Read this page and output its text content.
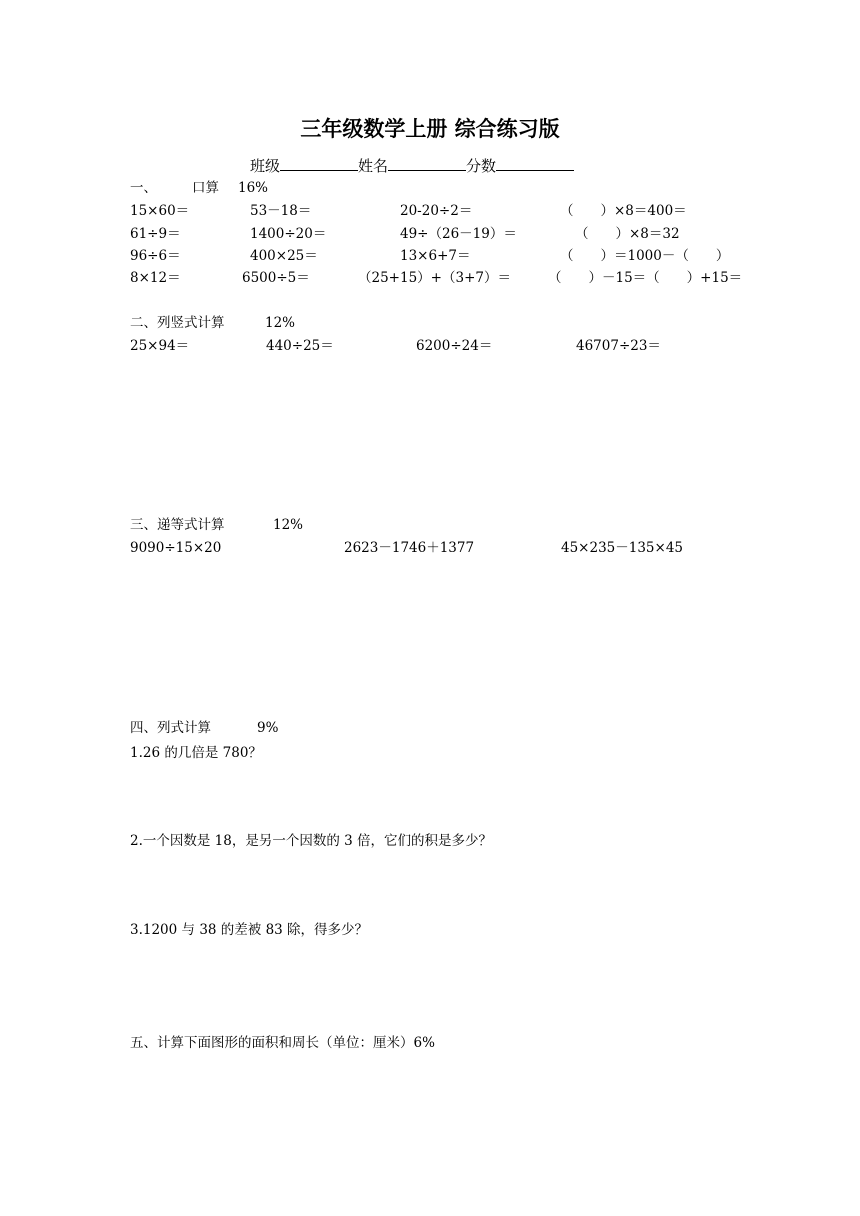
三年级数学上册 综合练习版
班级	姓名	分数
一、	口算 16%
15×60＝	53－18＝	20-20÷2＝	（　　）×8＝400＝
61÷9＝	1400÷20＝	49÷（26－19）＝	（　　）×8＝32
96÷6＝	400×25＝	13×6+7＝	（　　）＝1000－（　　）
8×12＝	6500÷5＝	（25+15）+（3+7）＝	（　　）－15＝（　　）+15＝
二、列竖式计算	12%
25×94＝	440÷25＝	6200÷24＝	46707÷23＝
三、递等式计算	12%
9090÷15×20	2623－1746＋1377	45×235－135×45
四、列式计算	9%
1.26 的几倍是 780？
2.一个因数是 18，是另一个因数的 3 倍，它们的积是多少？
3.1200 与 38 的差被 83 除，得多少？
五、计算下面图形的面积和周长（单位：厘米）6%
